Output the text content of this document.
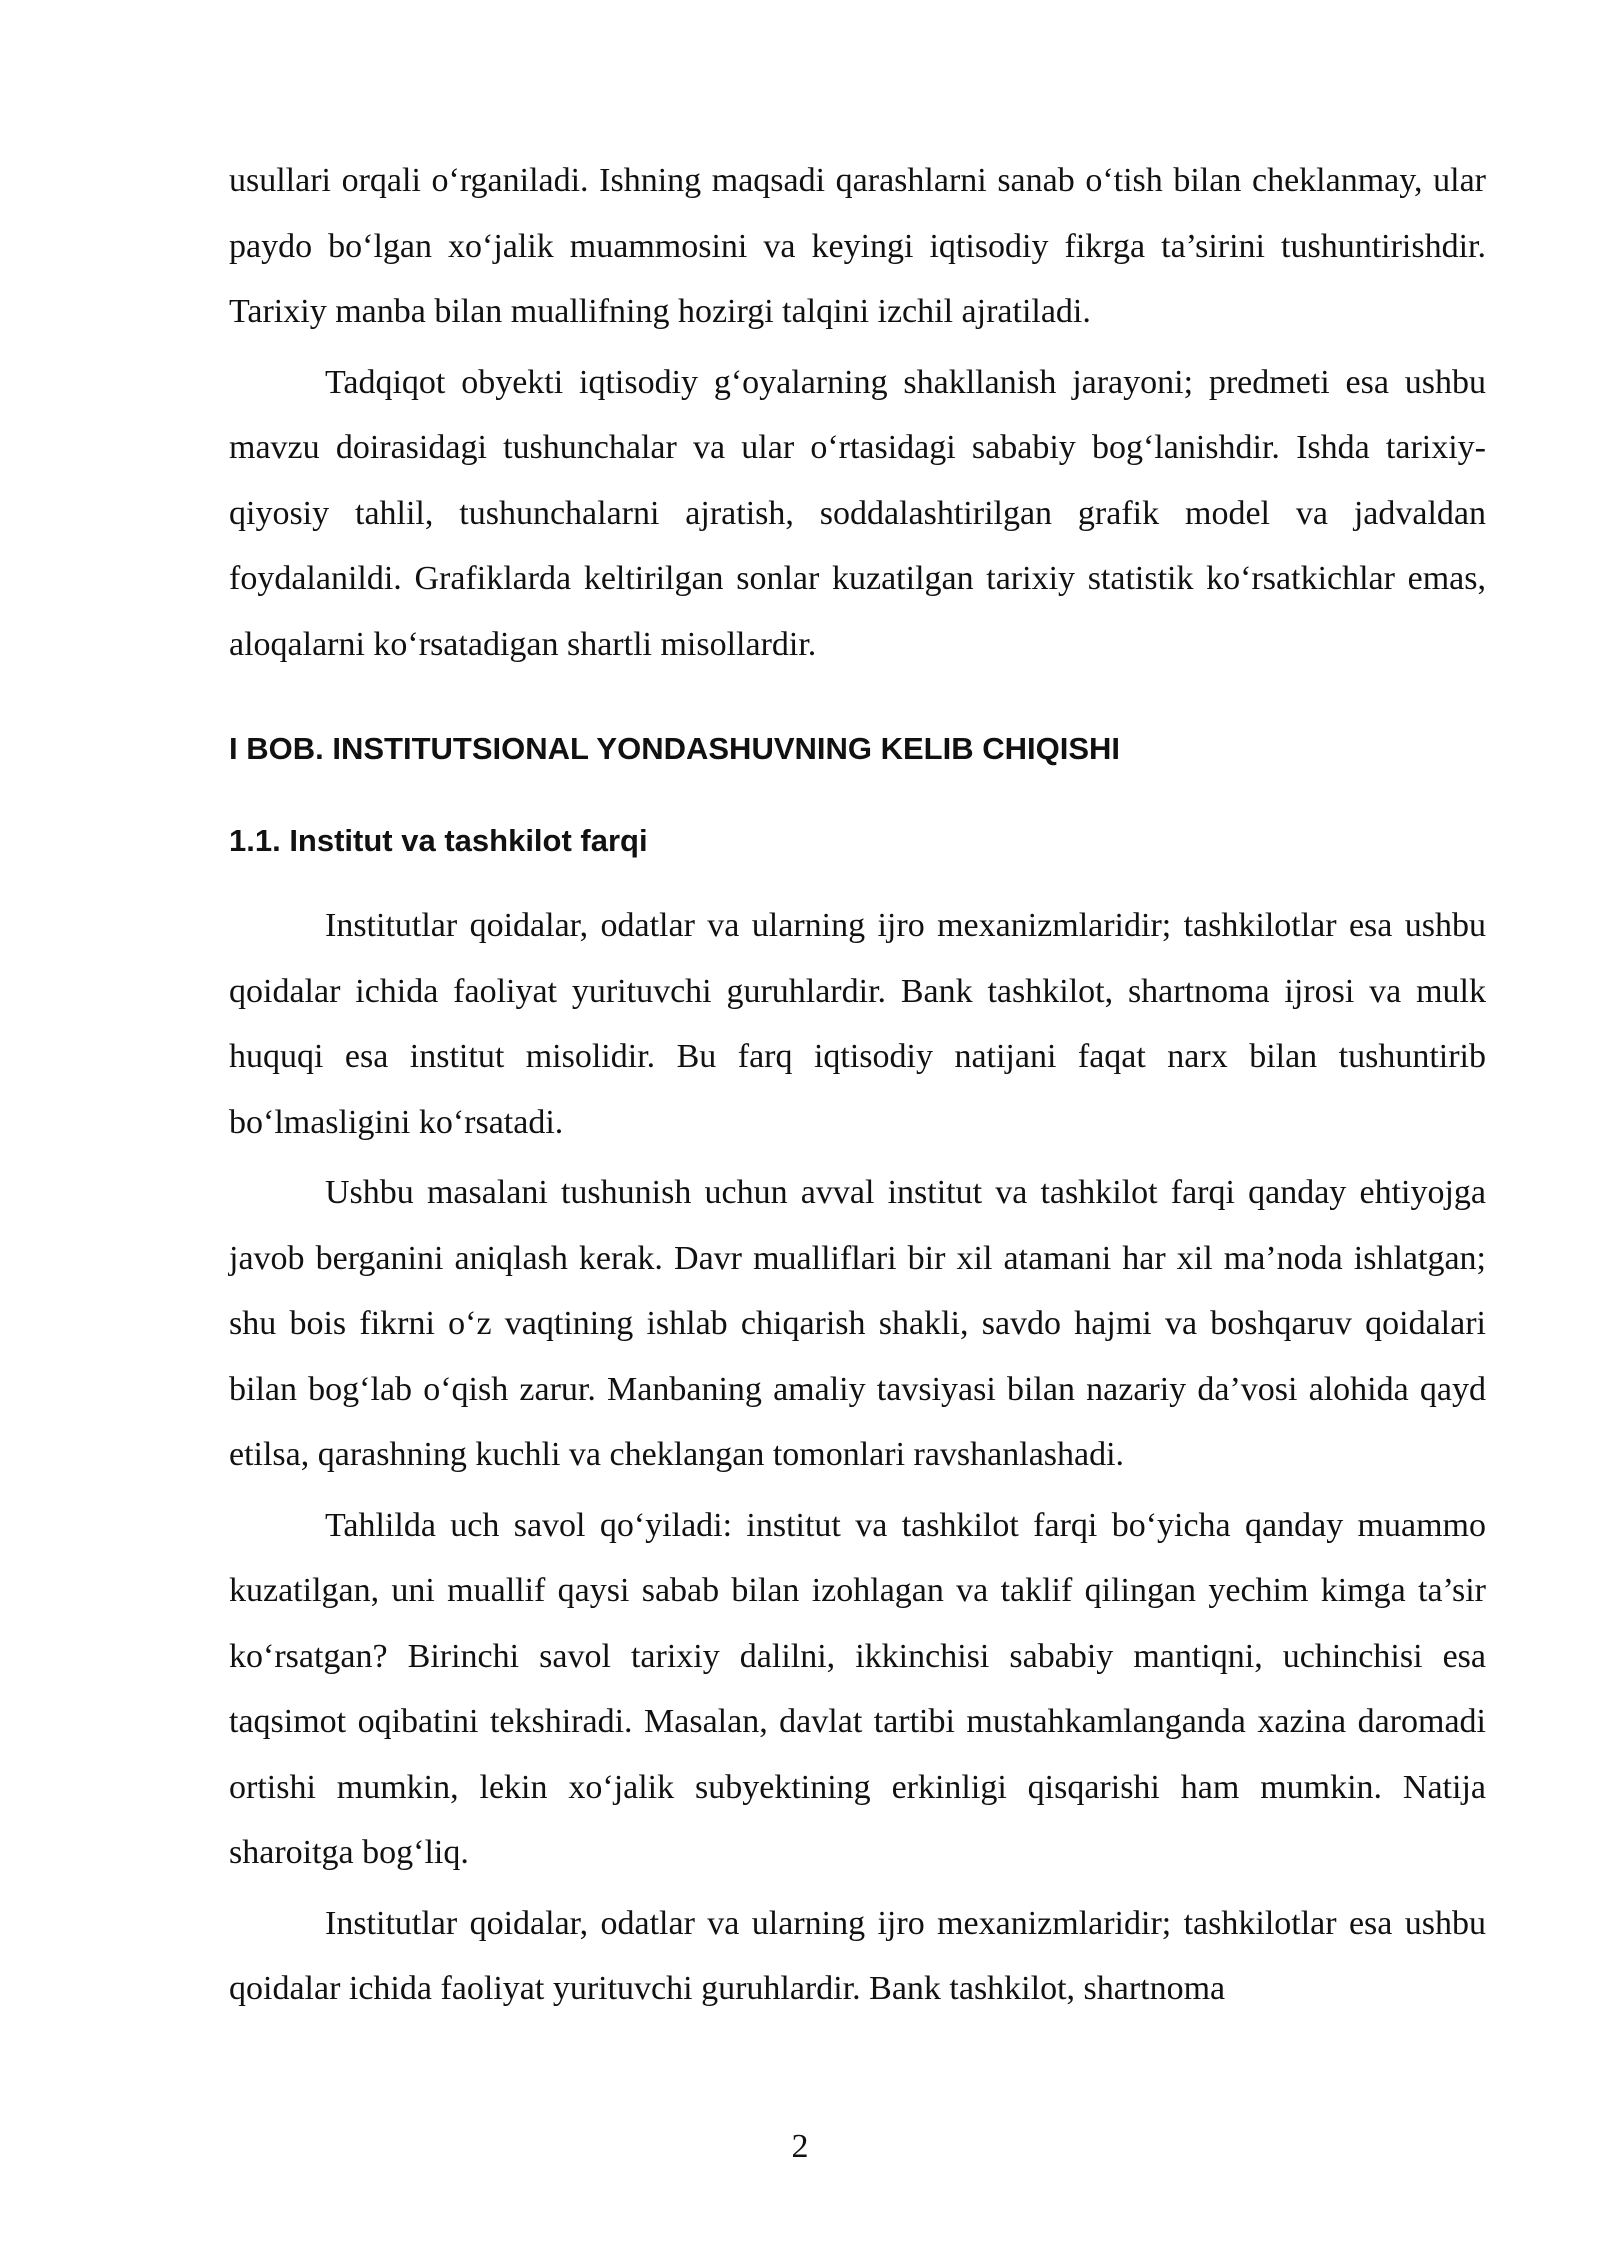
usullari orqali o‘rganiladi. Ishning maqsadi qarashlarni sanab o‘tish bilan cheklanmay, ular paydo bo‘lgan xo‘jalik muammosini va keyingi iqtisodiy fikrga ta’sirini tushuntirishdir. Tarixiy manba bilan muallifning hozirgi talqini izchil ajratiladi.

Tadqiqot obyekti iqtisodiy g‘oyalarning shakllanish jarayoni; predmeti esa ushbu mavzu doirasidagi tushunchalar va ular o‘rtasidagi sababiy bog‘lanishdir. Ishda tarixiy-qiyosiy tahlil, tushunchalarni ajratish, soddalashtirilgan grafik model va jadvaldan foydalanildi. Grafiklarda keltirilgan sonlar kuzatilgan tarixiy statistik ko‘rsatkichlar emas, aloqalarni ko‘rsatadigan shartli misollardir.

I BOB. INSTITUTSIONAL YONDASHUVNING KELIB CHIQISHI
1.1. Institut va tashkilot farqi

Institutlar qoidalar, odatlar va ularning ijro mexanizmlaridir; tashkilotlar esa ushbu qoidalar ichida faoliyat yurituvchi guruhlardir. Bank tashkilot, shartnoma ijrosi va mulk huquqi esa institut misolidir. Bu farq iqtisodiy natijani faqat narx bilan tushuntirib bo‘lmasligini ko‘rsatadi.

Ushbu masalani tushunish uchun avval institut va tashkilot farqi qanday ehtiyojga javob berganini aniqlash kerak. Davr mualliflari bir xil atamani har xil ma’noda ishlatgan; shu bois fikrni o‘z vaqtining ishlab chiqarish shakli, savdo hajmi va boshqaruv qoidalari bilan bog‘lab o‘qish zarur. Manbaning amaliy tavsiyasi bilan nazariy da’vosi alohida qayd etilsa, qarashning kuchli va cheklangan tomonlari ravshanlashadi.

Tahlilda uch savol qo‘yiladi: institut va tashkilot farqi bo‘yicha qanday muammo kuzatilgan, uni muallif qaysi sabab bilan izohlagan va taklif qilingan yechim kimga ta’sir ko‘rsatgan? Birinchi savol tarixiy dalilni, ikkinchisi sababiy mantiqni, uchinchisi esa taqsimot oqibatini tekshiradi. Masalan, davlat tartibi mustahkamlanganda xazina daromadi ortishi mumkin, lekin xo‘jalik subyektining erkinligi qisqarishi ham mumkin. Natija sharoitga bog‘liq.

Institutlar qoidalar, odatlar va ularning ijro mexanizmlaridir; tashkilotlar esa ushbu qoidalar ichida faoliyat yurituvchi guruhlardir. Bank tashkilot, shartnoma

2
